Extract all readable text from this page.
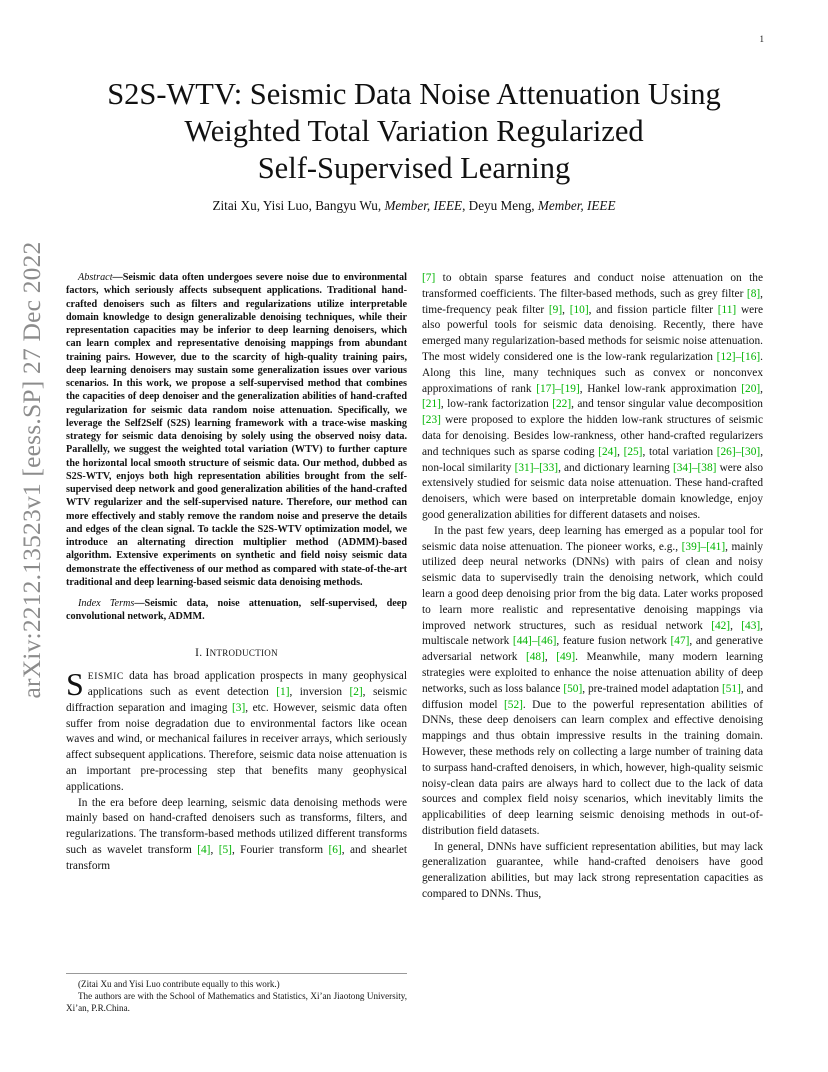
1
arXiv:2212.13523v1 [eess.SP] 27 Dec 2022
S2S-WTV: Seismic Data Noise Attenuation Using
Weighted Total Variation Regularized
Self-Supervised Learning
Zitai Xu, Yisi Luo, Bangyu Wu, Member, IEEE, Deyu Meng, Member, IEEE

Abstract—Seismic data often undergoes severe noise due to environmental factors, which seriously affects subsequent applications. Traditional hand-crafted denoisers such as filters and regularizations utilize interpretable domain knowledge to design generalizable denoising techniques, while their representation capacities may be inferior to deep learning denoisers, which can learn complex and representative denoising mappings from abundant training pairs. However, due to the scarcity of high-quality training pairs, deep learning denoisers may sustain some generalization issues over various scenarios. In this work, we propose a self-supervised method that combines the capacities of deep denoiser and the generalization abilities of hand-crafted regularization for seismic data random noise attenuation. Specifically, we leverage the Self2Self (S2S) learning framework with a trace-wise masking strategy for seismic data denoising by solely using the observed noisy data. Parallelly, we suggest the weighted total variation (WTV) to further capture the horizontal local smooth structure of seismic data. Our method, dubbed as S2S-WTV, enjoys both high representation abilities brought from the self-supervised deep network and good generalization abilities of the hand-crafted WTV regularizer and the self-supervised nature. Therefore, our method can more effectively and stably remove the random noise and preserve the details and edges of the clean signal. To tackle the S2S-WTV optimization model, we introduce an alternating direction multiplier method (ADMM)-based algorithm. Extensive experiments on synthetic and field noisy seismic data demonstrate the effectiveness of our method as compared with state-of-the-art traditional and deep learning-based seismic data denoising methods.

Index Terms—Seismic data, noise attenuation, self-supervised, deep convolutional network, ADMM.

I. INTRODUCTION

SEISMIC data has broad application prospects in many geophysical applications such as event detection [1], inversion [2], seismic diffraction separation and imaging [3], etc. However, seismic data often suffer from noise degradation due to environmental factors like ocean waves and wind, or mechanical failures in receiver arrays, which seriously affect subsequent applications. Therefore, seismic data noise attenuation is an important pre-processing step that benefits many geophysical applications.

In the era before deep learning, seismic data denoising methods were mainly based on hand-crafted denoisers such as transforms, filters, and regularizations. The transform-based methods utilized different transforms such as wavelet transform [4], [5], Fourier transform [6], and shearlet transform

(Zitai Xu and Yisi Luo contribute equally to this work.)

The authors are with the School of Mathematics and Statistics, Xi’an Jiaotong University, Xi’an, P.R.China.

[7] to obtain sparse features and conduct noise attenuation on the transformed coefficients. The filter-based methods, such as grey filter [8], time-frequency peak filter [9], [10], and fission particle filter [11] were also powerful tools for seismic data denoising. Recently, there have emerged many regularization-based methods for seismic noise attenuation. The most widely considered one is the low-rank regularization [12]–[16]. Along this line, many techniques such as convex or nonconvex approximations of rank [17]–[19], Hankel low-rank approximation [20], [21], low-rank factorization [22], and tensor singular value decomposition [23] were proposed to explore the hidden low-rank structures of seismic data for denoising. Besides low-rankness, other hand-crafted regularizers and techniques such as sparse coding [24], [25], total variation [26]–[30], non-local similarity [31]–[33], and dictionary learning [34]–[38] were also extensively studied for seismic data noise attenuation. These hand-crafted denoisers, which were based on interpretable domain knowledge, enjoy good generalization abilities for different datasets and noises.

In the past few years, deep learning has emerged as a popular tool for seismic data noise attenuation. The pioneer works, e.g., [39]–[41], mainly utilized deep neural networks (DNNs) with pairs of clean and noisy seismic data to supervisedly train the denoising network, which could learn a good deep denoising prior from the big data. Later works proposed to learn more realistic and representative denoising mappings via improved network structures, such as residual network [42], [43], multiscale network [44]–[46], feature fusion network [47], and generative adversarial network [48], [49]. Meanwhile, many modern learning strategies were exploited to enhance the noise attenuation ability of deep networks, such as loss balance [50], pre-trained model adaptation [51], and diffusion model [52]. Due to the powerful representation abilities of DNNs, these deep denoisers can learn complex and effective denoising mappings and thus obtain impressive results in the training domain. However, these methods rely on collecting a large number of training data to surpass hand-crafted denoisers, in which, however, high-quality seismic noisy-clean data pairs are always hard to collect due to the lack of data sources and complex field noisy scenarios, which inevitably limits the applicabilities of deep learning seismic denoising methods in out-of-distribution field datasets.

In general, DNNs have sufficient representation abilities, but may lack generalization guarantee, while hand-crafted denoisers have good generalization abilities, but may lack strong representation capacities as compared to DNNs. Thus,
